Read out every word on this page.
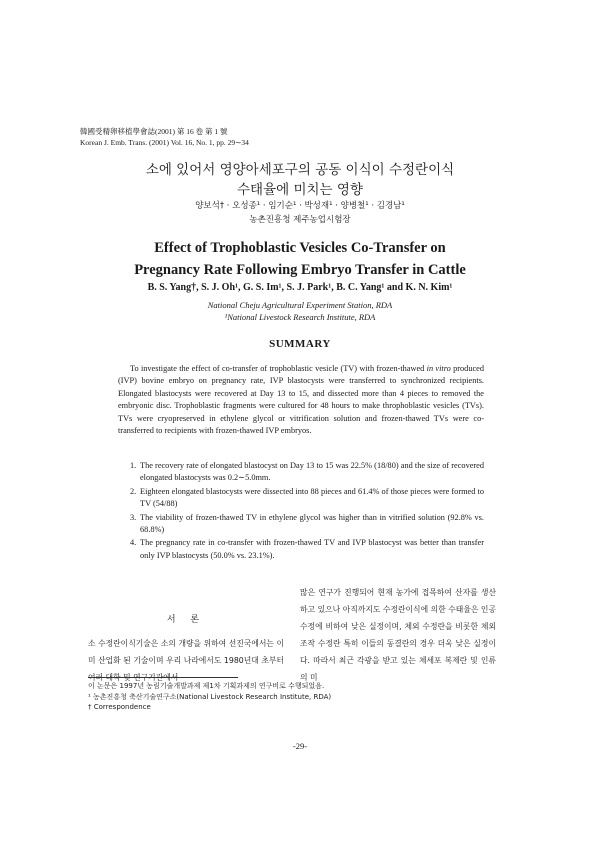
韓國受精卵移植學會誌(2001) 第 16 卷 第 1 號
Korean J. Emb. Trans. (2001) Vol. 16, No. 1, pp. 29∼34
소에 있어서 영양아세포구의 공동 이식이 수정란이식
수태율에 미치는 영향
양보석† · 오성종¹ · 임기순¹ · 박성재¹ · 양병철¹ · 김경남¹
농촌진흥청 제주농업시험장
Effect of Trophoblastic Vesicles Co-Transfer on
Pregnancy Rate Following Embryo Transfer in Cattle
B. S. Yang†, S. J. Oh¹, G. S. Im¹, S. J. Park¹, B. C. Yang¹ and K. N. Kim¹
National Cheju Agricultural Experiment Station, RDA
¹National Livestock Research Institute, RDA
SUMMARY

To investigate the effect of co-transfer of trophoblastic vesicle (TV) with frozen-thawed in vitro produced (IVP) bovine embryo on pregnancy rate, IVP blastocysts were transferred to synchronized recipients. Elongated blastocysts were recovered at Day 13 to 15, and dissected more than 4 pieces to removed the embryonic disc. Trophoblastic fragments were cultured for 48 hours to make throphoblastic vesicles (TVs). TVs were cryopreserved in ethylene glycol or vitrification solution and frozen-thawed TVs were co-transferred to recipients with frozen-thawed IVP embryos.

1. The recovery rate of elongated blastocyst on Day 13 to 15 was 22.5% (18/80) and the size of recovered elongated blastocysts was 0.2∼5.0mm.
2. Eighteen elongated blastocysts were dissected into 88 pieces and 61.4% of those pieces were formed to TV (54/88)
3. The viability of frozen-thawed TV in ethylene glycol was higher than in vitrified solution (92.8% vs. 68.8%)
4. The pregnancy rate in co-transfer with frozen-thawed TV and IVP blastocyst was better than transfer only IVP blastocysts (50.0% vs. 23.1%).
서 론
소 수정란이식기술은 소의 개량을 위하여 선진국에서는 이미 산업화 된 기술이며 우리 나라에서도 1980년대 초부터 여러 대학 및 연구기관에서
많은 연구가 진행되어 현재 농가에 접목하여 산자를 생산하고 있으나 아직까지도 수정란이식에 의한 수태율은 인공수정에 비하여 낮은 실정이며, 체외 수정란을 비롯한 체외 조작 수정란 특히 이들의 동결란의 경우 더욱 낮은 실정이다. 따라서 최근 각광을 받고 있는 체세포 복제란 및 인류의 미
이 논문은 1997년 농림기술개발과제 제1차 기획과제의 연구비로 수행되었음.
¹ 농촌진흥청 축산기술연구소(National Livestock Research Institute, RDA)
† Correspondence
-29-
